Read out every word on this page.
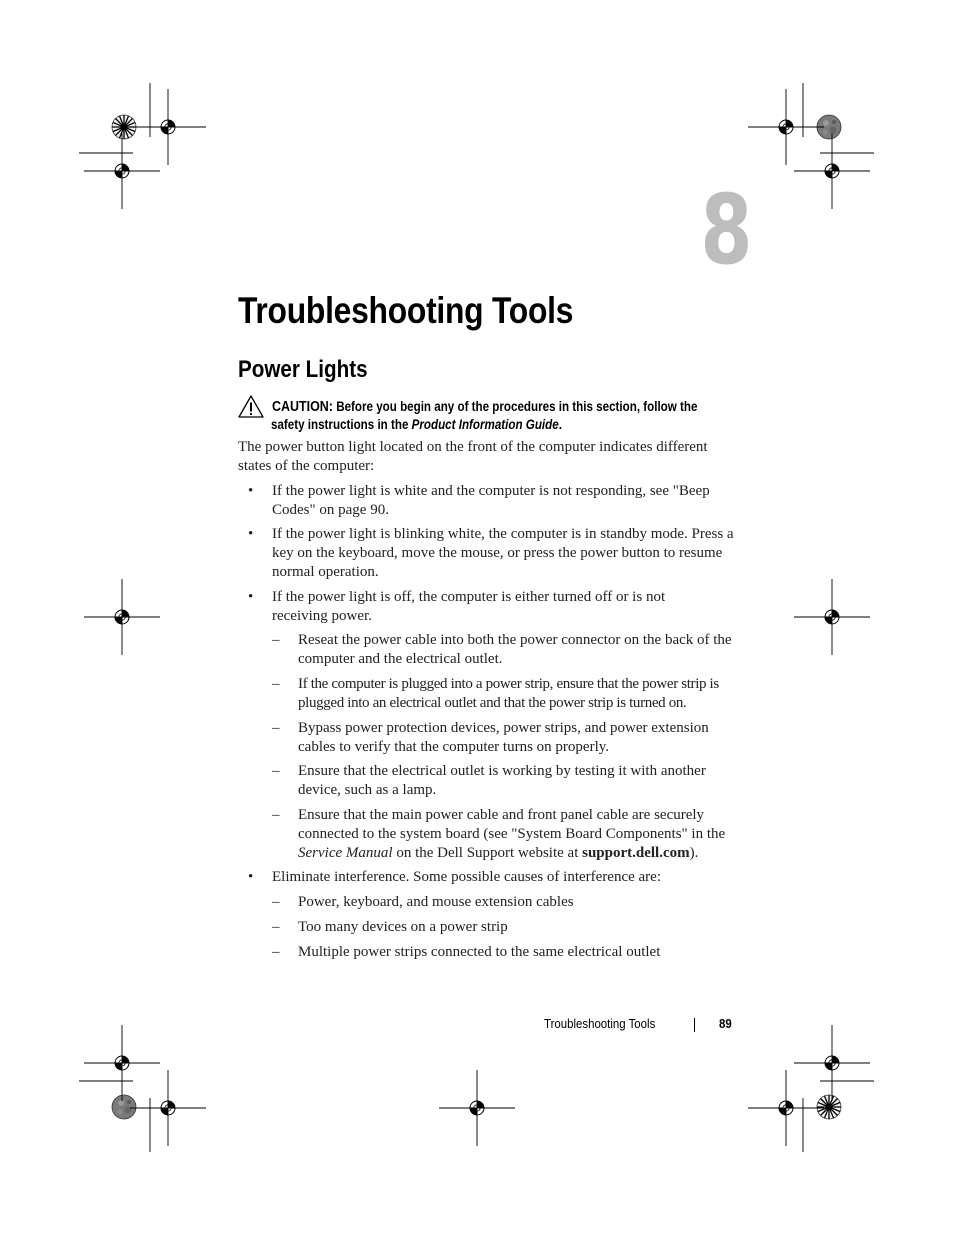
8
Troubleshooting Tools
Power Lights
CAUTION: Before you begin any of the procedures in this section, follow the
safety instructions in the Product Information Guide.
The power button light located on the front of the computer indicates different states of the computer:
• If the power light is white and the computer is not responding, see "Beep Codes" on page 90.
• If the power light is blinking white, the computer is in standby mode. Press a key on the keyboard, move the mouse, or press the power button to resume normal operation.
• If the power light is off, the computer is either turned off or is not receiving power.
– Reseat the power cable into both the power connector on the back of the computer and the electrical outlet.
– If the computer is plugged into a power strip, ensure that the power strip is plugged into an electrical outlet and that the power strip is turned on.
– Bypass power protection devices, power strips, and power extension cables to verify that the computer turns on properly.
– Ensure that the electrical outlet is working by testing it with another device, such as a lamp.
– Ensure that the main power cable and front panel cable are securely connected to the system board (see "System Board Components" in the Service Manual on the Dell Support website at support.dell.com).
• Eliminate interference. Some possible causes of interference are:
– Power, keyboard, and mouse extension cables
– Too many devices on a power strip
– Multiple power strips connected to the same electrical outlet
Troubleshooting Tools	89
